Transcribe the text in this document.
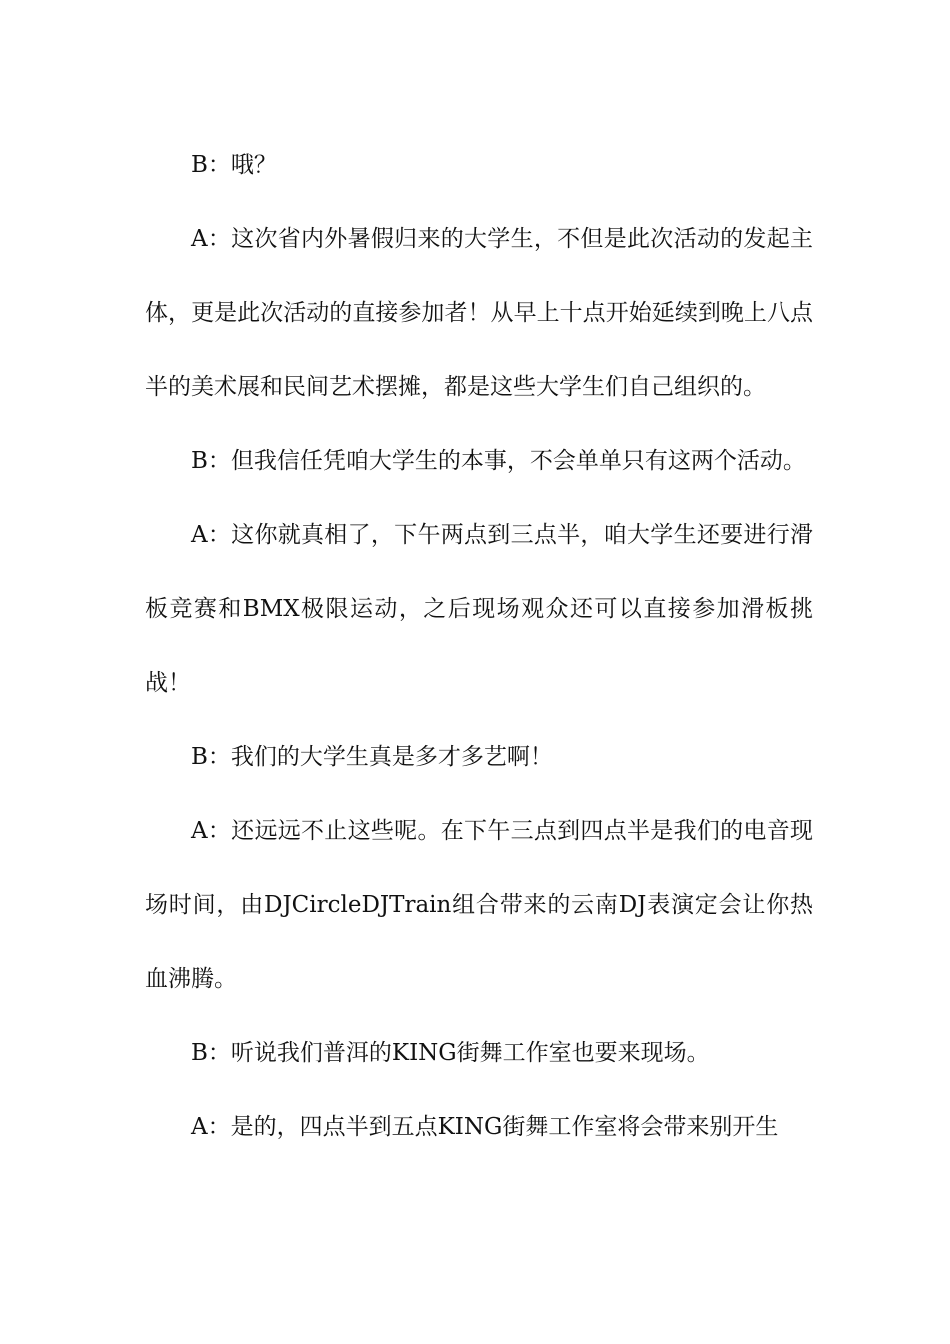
B：哦？

A：这次省内外暑假归来的大学生，不但是此次活动的发起主体，更是此次活动的直接参加者！从早上十点开始延续到晚上八点半的美术展和民间艺术摆摊，都是这些大学生们自己组织的。

B：但我信任凭咱大学生的本事，不会单单只有这两个活动。

A：这你就真相了，下午两点到三点半，咱大学生还要进行滑板竞赛和BMX极限运动，之后现场观众还可以直接参加滑板挑战！

B：我们的大学生真是多才多艺啊！

A：还远远不止这些呢。在下午三点到四点半是我们的电音现场时间，由DJCircleDJTrain组合带来的云南DJ表演定会让你热血沸腾。

B：听说我们普洱的KING街舞工作室也要来现场。

A：是的，四点半到五点KING街舞工作室将会带来别开生
